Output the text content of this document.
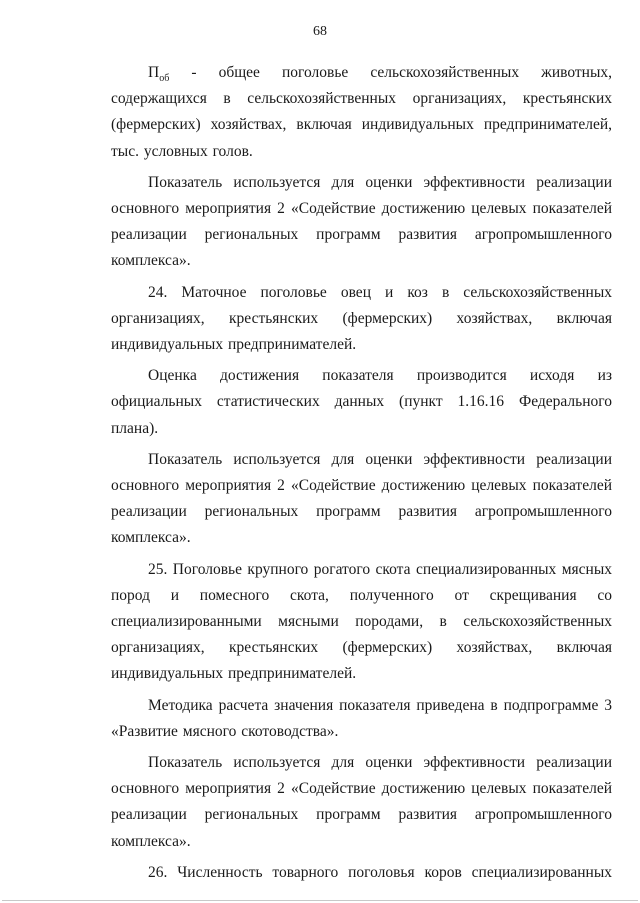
68

$П_{об}$ - общее поголовье сельскохозяйственных животных, содержащихся в сельскохозяйственных организациях, крестьянских (фермерских) хозяйствах, включая индивидуальных предпринимателей, тыс. условных голов.

Показатель используется для оценки эффективности реализации основного мероприятия 2 «Содействие достижению целевых показателей реализации региональных программ развития агропромышленного комплекса».

24. Маточное поголовье овец и коз в сельскохозяйственных организациях, крестьянских (фермерских) хозяйствах, включая индивидуальных предпринимателей.

Оценка достижения показателя производится исходя из официальных статистических данных (пункт 1.16.16 Федерального плана).

Показатель используется для оценки эффективности реализации основного мероприятия 2 «Содействие достижению целевых показателей реализации региональных программ развития агропромышленного комплекса».

25. Поголовье крупного рогатого скота специализированных мясных пород и помесного скота, полученного от скрещивания со специализированными мясными породами, в сельскохозяйственных организациях, крестьянских (фермерских) хозяйствах, включая индивидуальных предпринимателей.

Методика расчета значения показателя приведена в подпрограмме 3 «Развитие мясного скотоводства».

Показатель используется для оценки эффективности реализации основного мероприятия 2 «Содействие достижению целевых показателей реализации региональных программ развития агропромышленного комплекса».

26. Численность товарного поголовья коров специализированных
